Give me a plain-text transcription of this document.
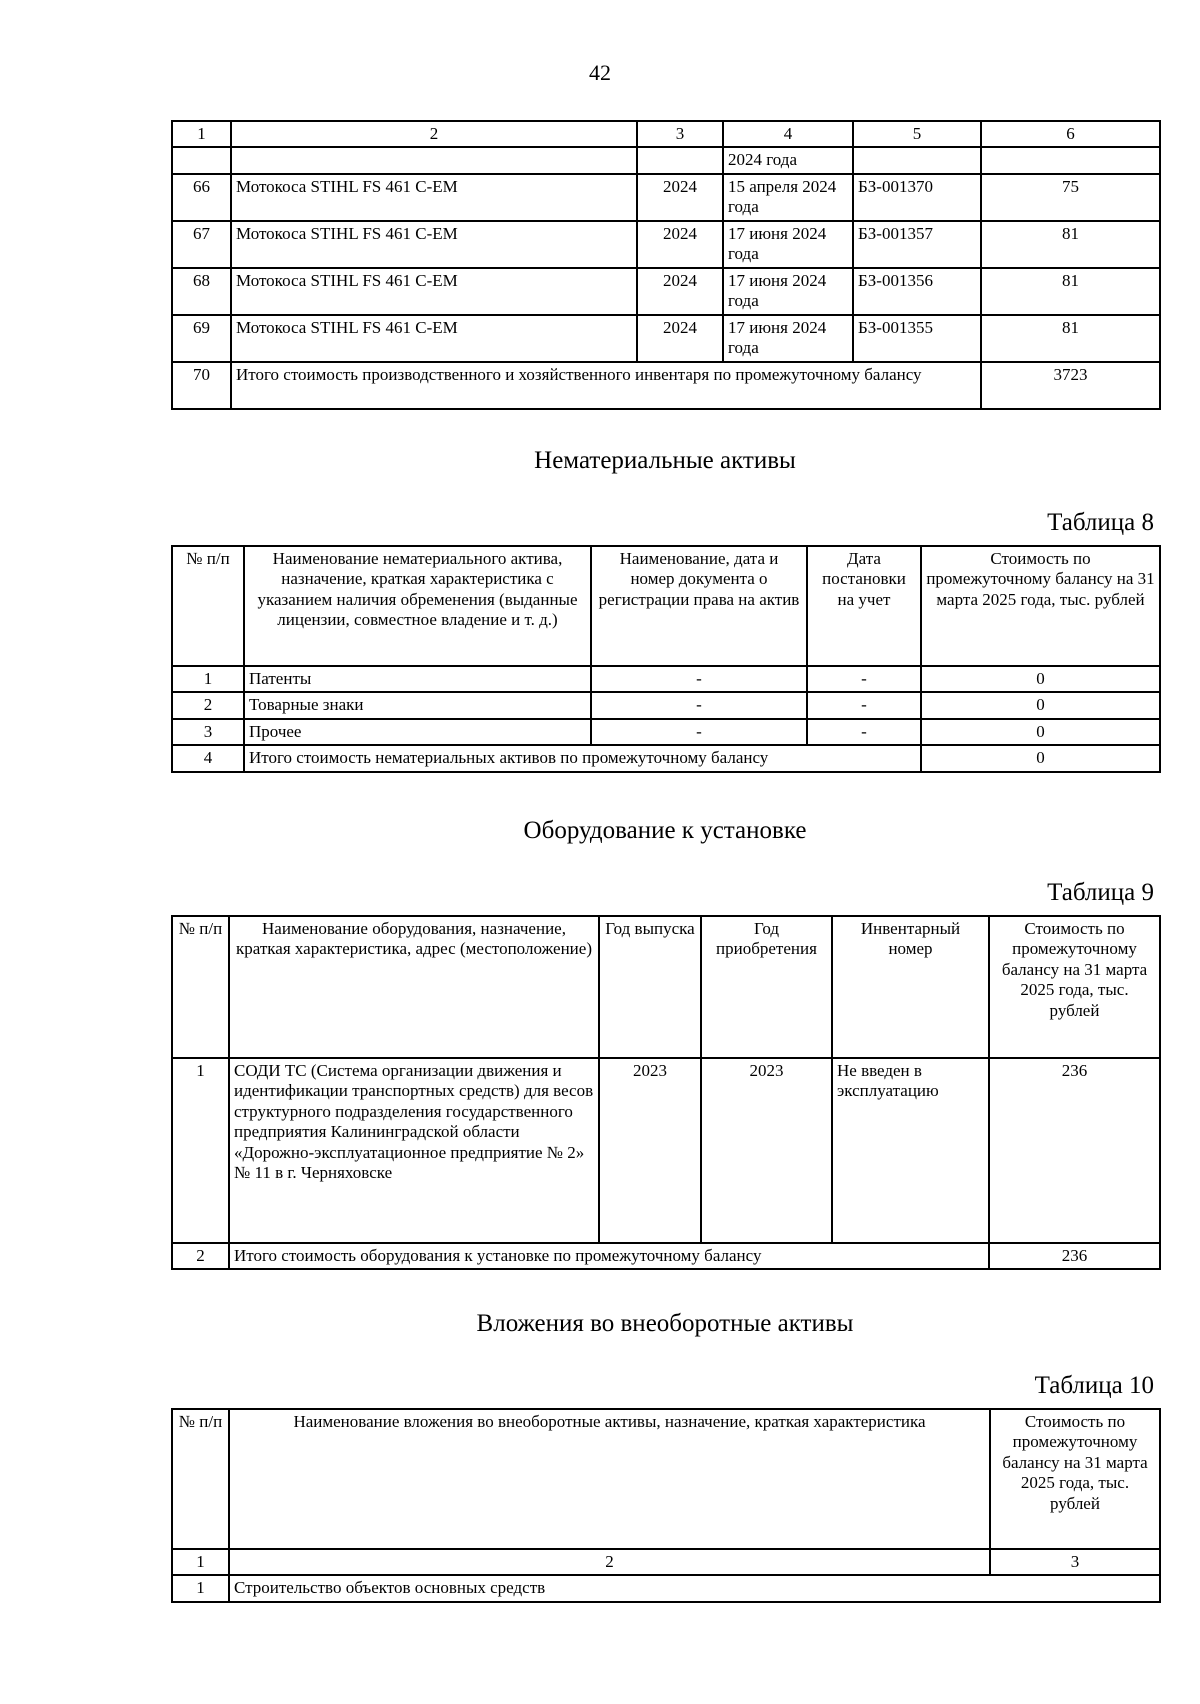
42
1	2	3	4	5	6
			2024 года		
66	Мотокоса STIHL FS 461 C-EM	2024	15 апреля 2024 года	БЗ-001370	75
67	Мотокоса STIHL FS 461 C-EM	2024	17 июня 2024 года	БЗ-001357	81
68	Мотокоса STIHL FS 461 C-EM	2024	17 июня 2024 года	БЗ-001356	81
69	Мотокоса STIHL FS 461 C-EM	2024	17 июня 2024 года	БЗ-001355	81
70	Итого стоимость производственного и хозяйственного инвентаря по промежуточному балансу				3723
Нематериальные активы
Таблица 8
№ п/п	Наименование нематериального актива, назначение, краткая характеристика с указанием наличия обременения (выданные лицензии, совместное владение и т. д.)	Наименование, дата и номер документа о регистрации права на актив	Дата постановки на учет	Стоимость по промежуточному балансу на 31 марта 2025 года, тыс. рублей
1	Патенты	-	-	0
2	Товарные знаки	-	-	0
3	Прочее	-	-	0
4	Итого стоимость нематериальных активов по промежуточному балансу			0
Оборудование к установке
Таблица 9
№ п/п	Наименование оборудования, назначение, краткая характеристика, адрес (местоположение)	Год выпуска	Год приобретения	Инвентарный номер	Стоимость по промежуточному балансу на 31 марта 2025 года, тыс. рублей
1	СОДИ ТС (Система организации движения и идентификации транспортных средств) для весов структурного подразделения государственного предприятия Калининградской области «Дорожно-эксплуатационное предприятие № 2» № 11 в г. Черняховске	2023	2023	Не введен в эксплуатацию	236
2	Итого стоимость оборудования к установке по промежуточному балансу				236
Вложения во внеоборотные активы
Таблица 10
№ п/п	Наименование вложения во внеоборотные активы, назначение, краткая характеристика	Стоимость по промежуточному балансу на 31 марта 2025 года, тыс. рублей
1	2	3
1	Строительство объектов основных средств	
